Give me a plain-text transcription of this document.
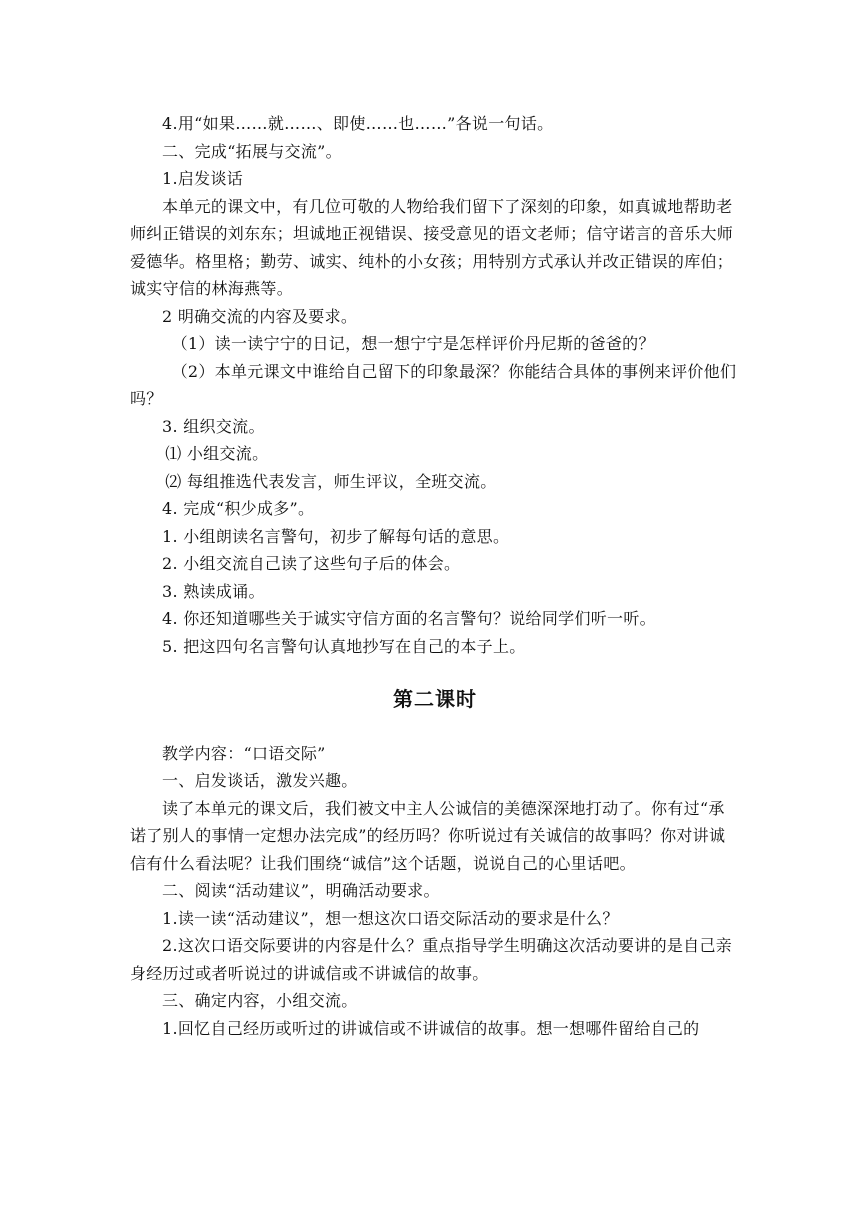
4.用“如果……就……、即使……也……”各说一句话。

二、完成“拓展与交流”。

1.启发谈话

本单元的课文中，有几位可敬的人物给我们留下了深刻的印象，如真诚地帮助老师纠正错误的刘东东；坦诚地正视错误、接受意见的语文老师；信守诺言的音乐大师爱德华。格里格；勤劳、诚实、纯朴的小女孩；用特别方式承认并改正错误的库伯；诚实守信的林海燕等。

2 明确交流的内容及要求。

（1）读一读宁宁的日记，想一想宁宁是怎样评价丹尼斯的爸爸的？

（2）本单元课文中谁给自己留下的印象最深？你能结合具体的事例来评价他们吗？

3. 组织交流。

⑴ 小组交流。

⑵ 每组推选代表发言，师生评议，全班交流。

4. 完成“积少成多”。

1. 小组朗读名言警句，初步了解每句话的意思。

2. 小组交流自己读了这些句子后的体会。

3. 熟读成诵。

4. 你还知道哪些关于诚实守信方面的名言警句？说给同学们听一听。

5. 把这四句名言警句认真地抄写在自己的本子上。

第二课时

教学内容：“口语交际”

一、启发谈话，激发兴趣。

读了本单元的课文后，我们被文中主人公诚信的美德深深地打动了。你有过“承诺了别人的事情一定想办法完成”的经历吗？你听说过有关诚信的故事吗？你对讲诚信有什么看法呢？让我们围绕“诚信”这个话题，说说自己的心里话吧。

二、阅读“活动建议”，明确活动要求。

1.读一读“活动建议”，想一想这次口语交际活动的要求是什么？

2.这次口语交际要讲的内容是什么？重点指导学生明确这次活动要讲的是自己亲身经历过或者听说过的讲诚信或不讲诚信的故事。

三、确定内容，小组交流。

1.回忆自己经历或听过的讲诚信或不讲诚信的故事。想一想哪件留给自己的
